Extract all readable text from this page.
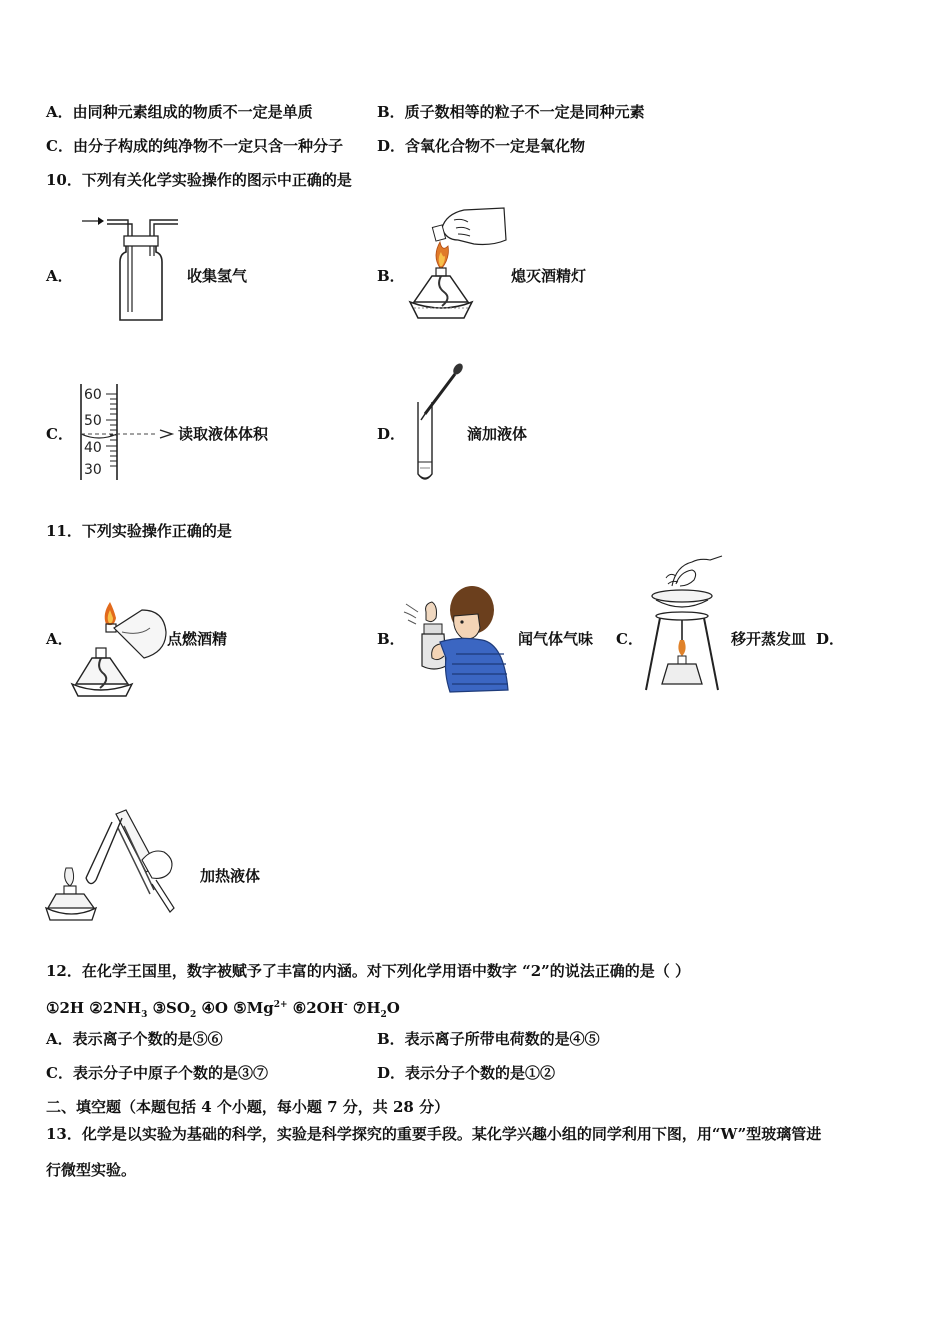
A．由同种元素组成的物质不一定是单质	B．质子数相等的粒子不一定是同种元素
C．由分子构成的纯净物不一定只含一种分子 D．含氧化合物不一定是氧化物
10．下列有关化学实验操作的图示中正确的是
A．	收集氢气	B．	熄灭酒精灯
C．
60
50
40
30
读取液体体积	D．	滴加液体
11．下列实验操作正确的是
A．	点燃酒精	B．	闻气体气味 C．	移开蒸发皿 D．
加热液体
12．在化学王国里，数字被赋予了丰富的内涵。对下列化学用语中数字 “2”的说法正确的是（ ）
①2H $②2NH_3$ $③SO_2$ ④O $⑤Mg^{2+}$ ⑥2OH- $⑦H_2O$
A．表示离子个数的是⑤⑥	B．表示离子所带电荷数的是④⑤
C．表示分子中原子个数的是③⑦	D．表示分子个数的是①②
二、填空题（本题包括 4 个小题，每小题 7 分，共 28 分）
13．化学是以实验为基础的科学，实验是科学探究的重要手段。某化学兴趣小组的同学利用下图，用“W”型玻璃管进
行微型实验。
